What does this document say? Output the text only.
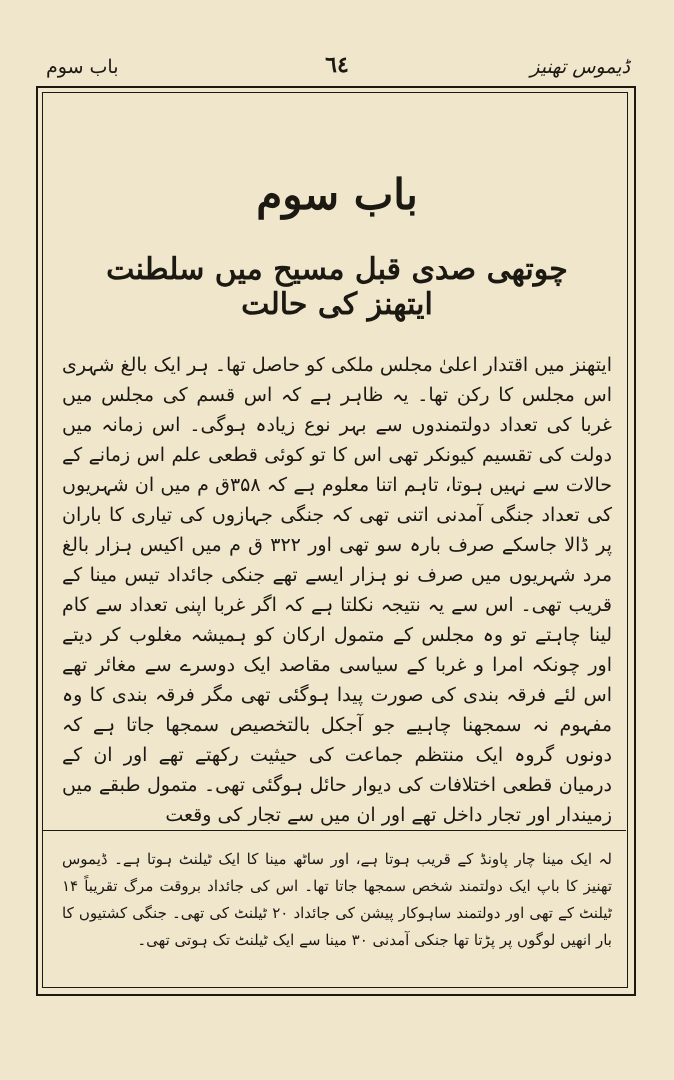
باب سوم	٦٤	ڈیموس تھنیز
باب سوم
چوتھی صدی قبل مسیح میں سلطنت ایتھنز کی حالت

ایتھنز میں اقتدار اعلیٰ مجلس ملکی کو حاصل تھا۔ ہر ایک بالغ شہری اس مجلس کا رکن تھا۔ یہ ظاہر ہے کہ اس قسم کی مجلس میں غربا کی تعداد دولتمندوں سے بہر نوع زیادہ ہوگی۔ اس زمانہ میں دولت کی تقسیم کیونکر تھی اس کا تو کوئی قطعی علم اس زمانے کے حالات سے نہیں ہوتا، تاہم اتنا معلوم ہے کہ ۳۵۸ق م میں ان شہریوں کی تعداد جنگی آمدنی اتنی تھی کہ جنگی جہازوں کی تیاری کا باران پر ڈالا جاسکے صرف بارہ سو تھی اور ۳۲۲ ق م میں اکیس ہزار بالغ مرد شہریوں میں صرف نو ہزار ایسے تھے جنکی جائداد تیس مینا کے قریب تھی۔ اس سے یہ نتیجہ نکلتا ہے کہ اگر غربا اپنی تعداد سے کام لینا چاہتے تو وہ مجلس کے متمول ارکان کو ہمیشہ مغلوب کر دیتے اور چونکہ امرا و غربا کے سیاسی مقاصد ایک دوسرے سے مغائر تھے اس لئے فرقہ بندی کی صورت پیدا ہوگئی تھی مگر فرقہ بندی کا وہ مفہوم نہ سمجھنا چاہیے جو آجکل بالتخصیص سمجھا جاتا ہے کہ دونوں گروہ ایک منتظم جماعت کی حیثیت رکھتے تھے اور ان کے درمیان قطعی اختلافات کی دیوار حائل ہوگئی تھی۔ متمول طبقے میں زمیندار اور تجار داخل تھے اور ان میں سے تجار کی وقعت

لہ ایک مینا چار پاونڈ کے قریب ہوتا ہے، اور ساٹھ مینا کا ایک ٹیلنٹ ہوتا ہے۔ ڈیموس تھنیز کا باپ ایک دولتمند شخص سمجھا جاتا تھا۔ اس کی جائداد بروقت مرگ تقریباً ۱۴ ٹیلنٹ کے تھی اور دولتمند ساہوکار پیشن کی جائداد ۲۰ ٹیلنٹ کی تھی۔ جنگی کشتیوں کا بار انھیں لوگوں پر پڑتا تھا جنکی آمدنی ۳۰ مینا سے ایک ٹیلنٹ تک ہوتی تھی۔
